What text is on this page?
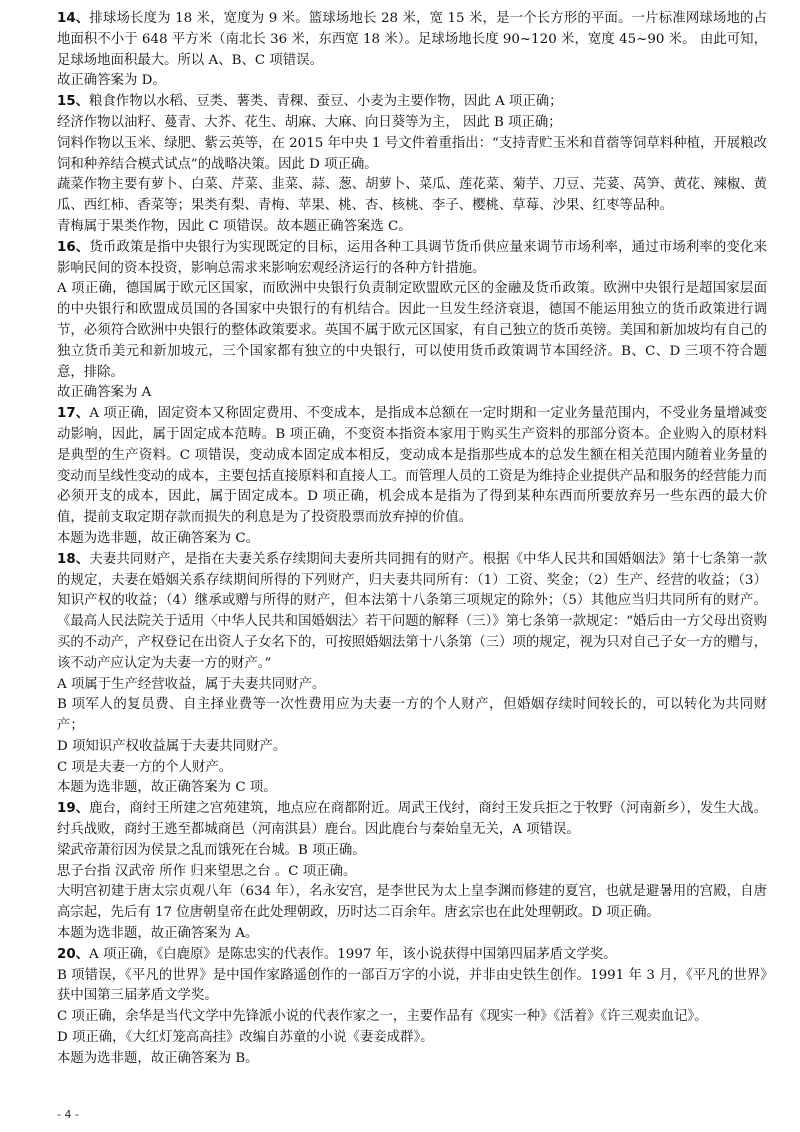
14、排球场长度为 18 米，宽度为 9 米。篮球场地长 28 米，宽 15 米，是一个长方形的平面。一片标准网球场地的占地面积不小于 648 平方米（南北长 36 米，东西宽 18 米）。足球场地长度 90~120 米，宽度 45~90 米。 由此可知，足球场地面积最大。所以 A、B、C 项错误。

故正确答案为 D。

15、粮食作物以水稻、豆类、薯类、青稞、蚕豆、小麦为主要作物，因此 A 项正确；

经济作物以油籽、蔓青、大芥、花生、胡麻、大麻、向日葵等为主， 因此 B 项正确；

饲料作物以玉米、绿肥、紫云英等，在 2015 年中央 1 号文件着重指出：“支持青贮玉米和苜蓿等饲草料种植，开展粮改饲和种养结合模式试点”的战略决策。因此 D 项正确。

蔬菜作物主要有萝卜、白菜、芹菜、韭菜、蒜、葱、胡萝卜、菜瓜、莲花菜、菊芋、刀豆、芫荽、莴笋、黄花、辣椒、黄瓜、西红柿、香菜等；果类有梨、青梅、苹果、桃、杏、核桃、李子、樱桃、草莓、沙果、红枣等品种。

青梅属于果类作物，因此 C 项错误。故本题正确答案选 C。

16、货币政策是指中央银行为实现既定的目标，运用各种工具调节货币供应量来调节市场利率，通过市场利率的变化来影响民间的资本投资，影响总需求来影响宏观经济运行的各种方针措施。

A 项正确，德国属于欧元区国家，而欧洲中央银行负责制定欧盟欧元区的金融及货币政策。欧洲中央银行是超国家层面的中央银行和欧盟成员国的各国家中央银行的有机结合。因此一旦发生经济衰退，德国不能运用独立的货币政策进行调节，必须符合欧洲中央银行的整体政策要求。英国不属于欧元区国家，有自己独立的货币英镑。美国和新加坡均有自己的独立货币美元和新加坡元，三个国家都有独立的中央银行，可以使用货币政策调节本国经济。B、C、D 三项不符合题意，排除。

故正确答案为 A

17、A 项正确，固定资本又称固定费用、不变成本，是指成本总额在一定时期和一定业务量范围内，不受业务量增减变动影响，因此，属于固定成本范畴。B 项正确，不变资本指资本家用于购买生产资料的那部分资本。企业购入的原材料是典型的生产资料。C 项错误，变动成本固定成本相反，变动成本是指那些成本的总发生额在相关范围内随着业务量的变动而呈线性变动的成本，主要包括直接原料和直接人工。而管理人员的工资是为维持企业提供产品和服务的经营能力而必须开支的成本，因此，属于固定成本。D 项正确，机会成本是指为了得到某种东西而所要放弃另一些东西的最大价值，提前支取定期存款而损失的利息是为了投资股票而放弃掉的价值。

本题为选非题，故正确答案为 C。

18、夫妻共同财产，是指在夫妻关系存续期间夫妻所共同拥有的财产。根据《中华人民共和国婚姻法》第十七条第一款的规定，夫妻在婚姻关系存续期间所得的下列财产，归夫妻共同所有：（1）工资、奖金；（2）生产、经营的收益；（3）知识产权的收益；（4）继承或赠与所得的财产，但本法第十八条第三项规定的除外；（5）其他应当归共同所有的财产。《最高人民法院关于适用〈中华人民共和国婚姻法〉若干问题的解释（三）》第七条第一款规定：“婚后由一方父母出资购买的不动产，产权登记在出资人子女名下的，可按照婚姻法第十八条第（三）项的规定，视为只对自己子女一方的赠与，该不动产应认定为夫妻一方的财产。”

A 项属于生产经营收益，属于夫妻共同财产。

B 项军人的复员费、自主择业费等一次性费用应为夫妻一方的个人财产，但婚姻存续时间较长的，可以转化为共同财产；

D 项知识产权收益属于夫妻共同财产。

C 项是夫妻一方的个人财产。

本题为选非题，故正确答案为 C 项。

19、鹿台，商纣王所建之宫苑建筑，地点应在商都附近。周武王伐纣，商纣王发兵拒之于牧野（河南新乡），发生大战。纣兵战败，商纣王逃至都城商邑（河南淇县）鹿台。因此鹿台与秦始皇无关，A 项错误。

梁武帝萧衍因为侯景之乱而饿死在台城。B 项正确。

思子台指 汉武帝 所作 归来望思之台 。C 项正确。

大明宫初建于唐太宗贞观八年（634 年），名永安宫，是李世民为太上皇李渊而修建的夏宫，也就是避暑用的宫殿，自唐高宗起，先后有 17 位唐朝皇帝在此处理朝政，历时达二百余年。唐玄宗也在此处理朝政。D 项正确。

本题为选非题，故正确答案为 A。

20、A 项正确，《白鹿原》是陈忠实的代表作。1997 年，该小说获得中国第四届茅盾文学奖。

B 项错误，《平凡的世界》是中国作家路遥创作的一部百万字的小说，并非由史铁生创作。1991 年 3 月，《平凡的世界》获中国第三届茅盾文学奖。

C 项正确，余华是当代文学中先锋派小说的代表作家之一，主要作品有《现实一种》《活着》《许三观卖血记》。

D 项正确，《大红灯笼高高挂》改编自苏童的小说《妻妾成群》。

本题为选非题，故正确答案为 B。

- 4 -
